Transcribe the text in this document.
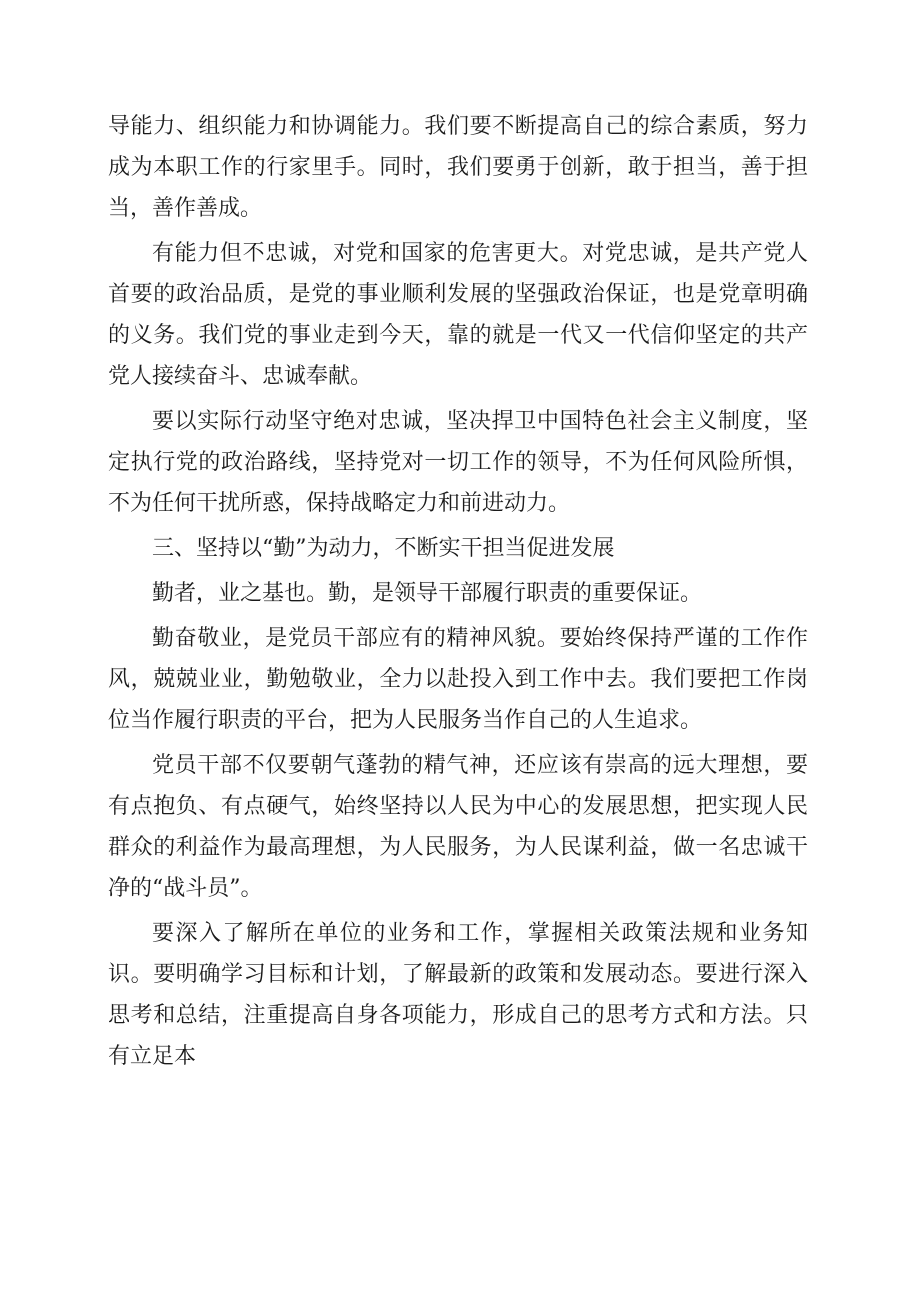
导能力、组织能力和协调能力。我们要不断提高自己的综合素质，努力成为本职工作的行家里手。同时，我们要勇于创新，敢于担当，善于担当，善作善成。

有能力但不忠诚，对党和国家的危害更大。对党忠诚，是共产党人首要的政治品质，是党的事业顺利发展的坚强政治保证，也是党章明确的义务。我们党的事业走到今天，靠的就是一代又一代信仰坚定的共产党人接续奋斗、忠诚奉献。

要以实际行动坚守绝对忠诚，坚决捍卫中国特色社会主义制度，坚定执行党的政治路线，坚持党对一切工作的领导，不为任何风险所惧，不为任何干扰所惑，保持战略定力和前进动力。

三、坚持以“勤”为动力，不断实干担当促进发展

勤者，业之基也。勤，是领导干部履行职责的重要保证。

勤奋敬业，是党员干部应有的精神风貌。要始终保持严谨的工作作风，兢兢业业，勤勉敬业，全力以赴投入到工作中去。我们要把工作岗位当作履行职责的平台，把为人民服务当作自己的人生追求。

党员干部不仅要朝气蓬勃的精气神，还应该有崇高的远大理想，要有点抱负、有点硬气，始终坚持以人民为中心的发展思想，把实现人民群众的利益作为最高理想，为人民服务，为人民谋利益，做一名忠诚干净的“战斗员”。

要深入了解所在单位的业务和工作，掌握相关政策法规和业务知识。要明确学习目标和计划，了解最新的政策和发展动态。要进行深入思考和总结，注重提高自身各项能力，形成自己的思考方式和方法。只有立足本
